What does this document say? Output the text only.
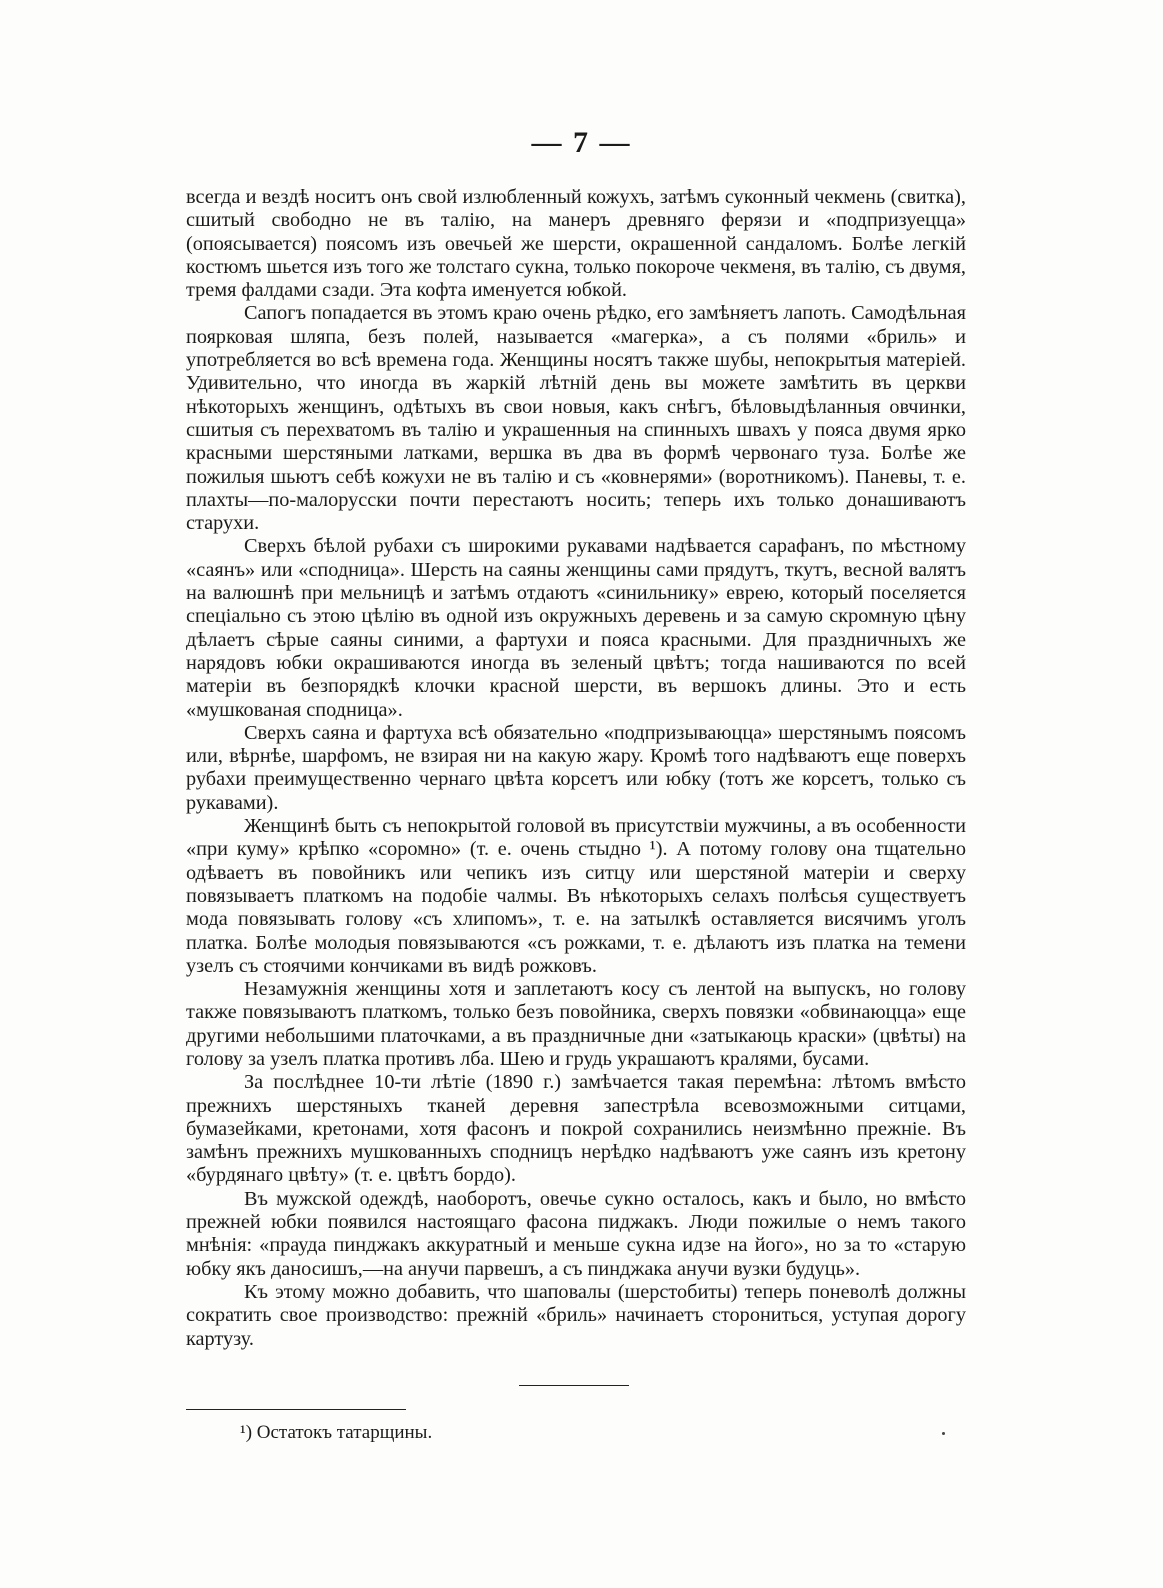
— 7 —

всегда и вездѣ носитъ онъ свой излюбленный кожухъ, затѣмъ суконный чекмень (свитка), сшитый свободно не въ талію, на манеръ древняго ферязи и «подпризуецца» (опоясывается) поясомъ изъ овечьей же шерсти, окрашенной сандаломъ. Болѣе легкій костюмъ шьется изъ того же толстаго сукна, только покороче чекменя, въ талію, съ двумя, тремя фалдами сзади. Эта кофта именуется юбкой.

Сапогъ попадается въ этомъ краю очень рѣдко, его замѣняетъ лапоть. Самодѣльная поярковая шляпа, безъ полей, называется «магерка», а съ полями «бриль» и употребляется во всѣ времена года. Женщины носятъ также шубы, непокрытыя матеріей. Удивительно, что иногда въ жаркій лѣтній день вы можете замѣтить въ церкви нѣкоторыхъ женщинъ, одѣтыхъ въ свои новыя, какъ снѣгъ, бѣловыдѣланныя овчинки, сшитыя съ перехватомъ въ талію и украшенныя на спинныхъ швахъ у пояса двумя ярко красными шерстяными латками, вершка въ два въ формѣ червонаго туза. Болѣе же пожилыя шьютъ себѣ кожухи не въ талію и съ «ковнерями» (воротникомъ). Паневы, т. е. плахты—по-малорусски почти перестаютъ носить; теперь ихъ только донашиваютъ старухи.

Сверхъ бѣлой рубахи съ широкими рукавами надѣвается сарафанъ, по мѣстному «саянъ» или «сподница». Шерсть на саяны женщины сами прядутъ, ткутъ, весной валятъ на валюшнѣ при мельницѣ и затѣмъ отдаютъ «синильнику» еврею, который поселяется спеціально съ этою цѣлію въ одной изъ окружныхъ деревень и за самую скромную цѣну дѣлаетъ сѣрые саяны синими, а фартухи и пояса красными. Для праздничныхъ же нарядовъ юбки окрашиваются иногда въ зеленый цвѣтъ; тогда нашиваются по всей матеріи въ безпорядкѣ клочки красной шерсти, въ вершокъ длины. Это и есть «мушкованая сподница».

Сверхъ саяна и фартуха всѣ обязательно «подпризываюцца» шерстянымъ поясомъ или, вѣрнѣе, шарфомъ, не взирая ни на какую жару. Кромѣ того надѣваютъ еще поверхъ рубахи преимущественно чернаго цвѣта корсетъ или юбку (тотъ же корсетъ, только съ рукавами).

Женщинѣ быть съ непокрытой головой въ присутствіи мужчины, а въ особенности «при куму» крѣпко «соромно» (т. е. очень стыдно ¹). А потому голову она тщательно одѣваетъ въ повойникъ или чепикъ изъ ситцу или шерстяной матеріи и сверху повязываетъ платкомъ на подобіе чалмы. Въ нѣкоторыхъ селахъ полѣсья существуетъ мода повязывать голову «съ хлипомъ», т. е. на затылкѣ оставляется висячимъ уголъ платка. Болѣе молодыя повязываются «съ рожками, т. е. дѣлаютъ изъ платка на темени узелъ съ стоячими кончиками въ видѣ рожковъ.

Незамужнія женщины хотя и заплетаютъ косу съ лентой на выпускъ, но голову также повязываютъ платкомъ, только безъ повойника, сверхъ повязки «обвинаюцца» еще другими небольшими платочками, а въ праздничные дни «затыкаюць краски» (цвѣты) на голову за узелъ платка противъ лба. Шею и грудь украшаютъ кралями, бусами.

За послѣднее 10-ти лѣтіе (1890 г.) замѣчается такая перемѣна: лѣтомъ вмѣсто прежнихъ шерстяныхъ тканей деревня запестрѣла всевозможными ситцами, бумазейками, кретонами, хотя фасонъ и покрой сохранились неизмѣнно прежніе. Въ замѣнъ прежнихъ мушкованныхъ сподницъ нерѣдко надѣваютъ уже саянъ изъ кретону «бурдянаго цвѣту» (т. е. цвѣтъ бордо).

Въ мужской одеждѣ, наоборотъ, овечье сукно осталось, какъ и было, но вмѣсто прежней юбки появился настоящаго фасона пиджакъ. Люди пожилые о немъ такого мнѣнія: «прауда пинджакъ аккуратный и меньше сукна идзе на його», но за то «старую юбку якъ даносишъ,—на анучи парвешъ, а съ пинджака анучи вузки будуць».

Къ этому можно добавить, что шаповалы (шерстобиты) теперь поневолѣ должны сократить свое производство: прежній «бриль» начинаетъ сторониться, уступая дорогу картузу.

¹) Остатокъ татарщины.
